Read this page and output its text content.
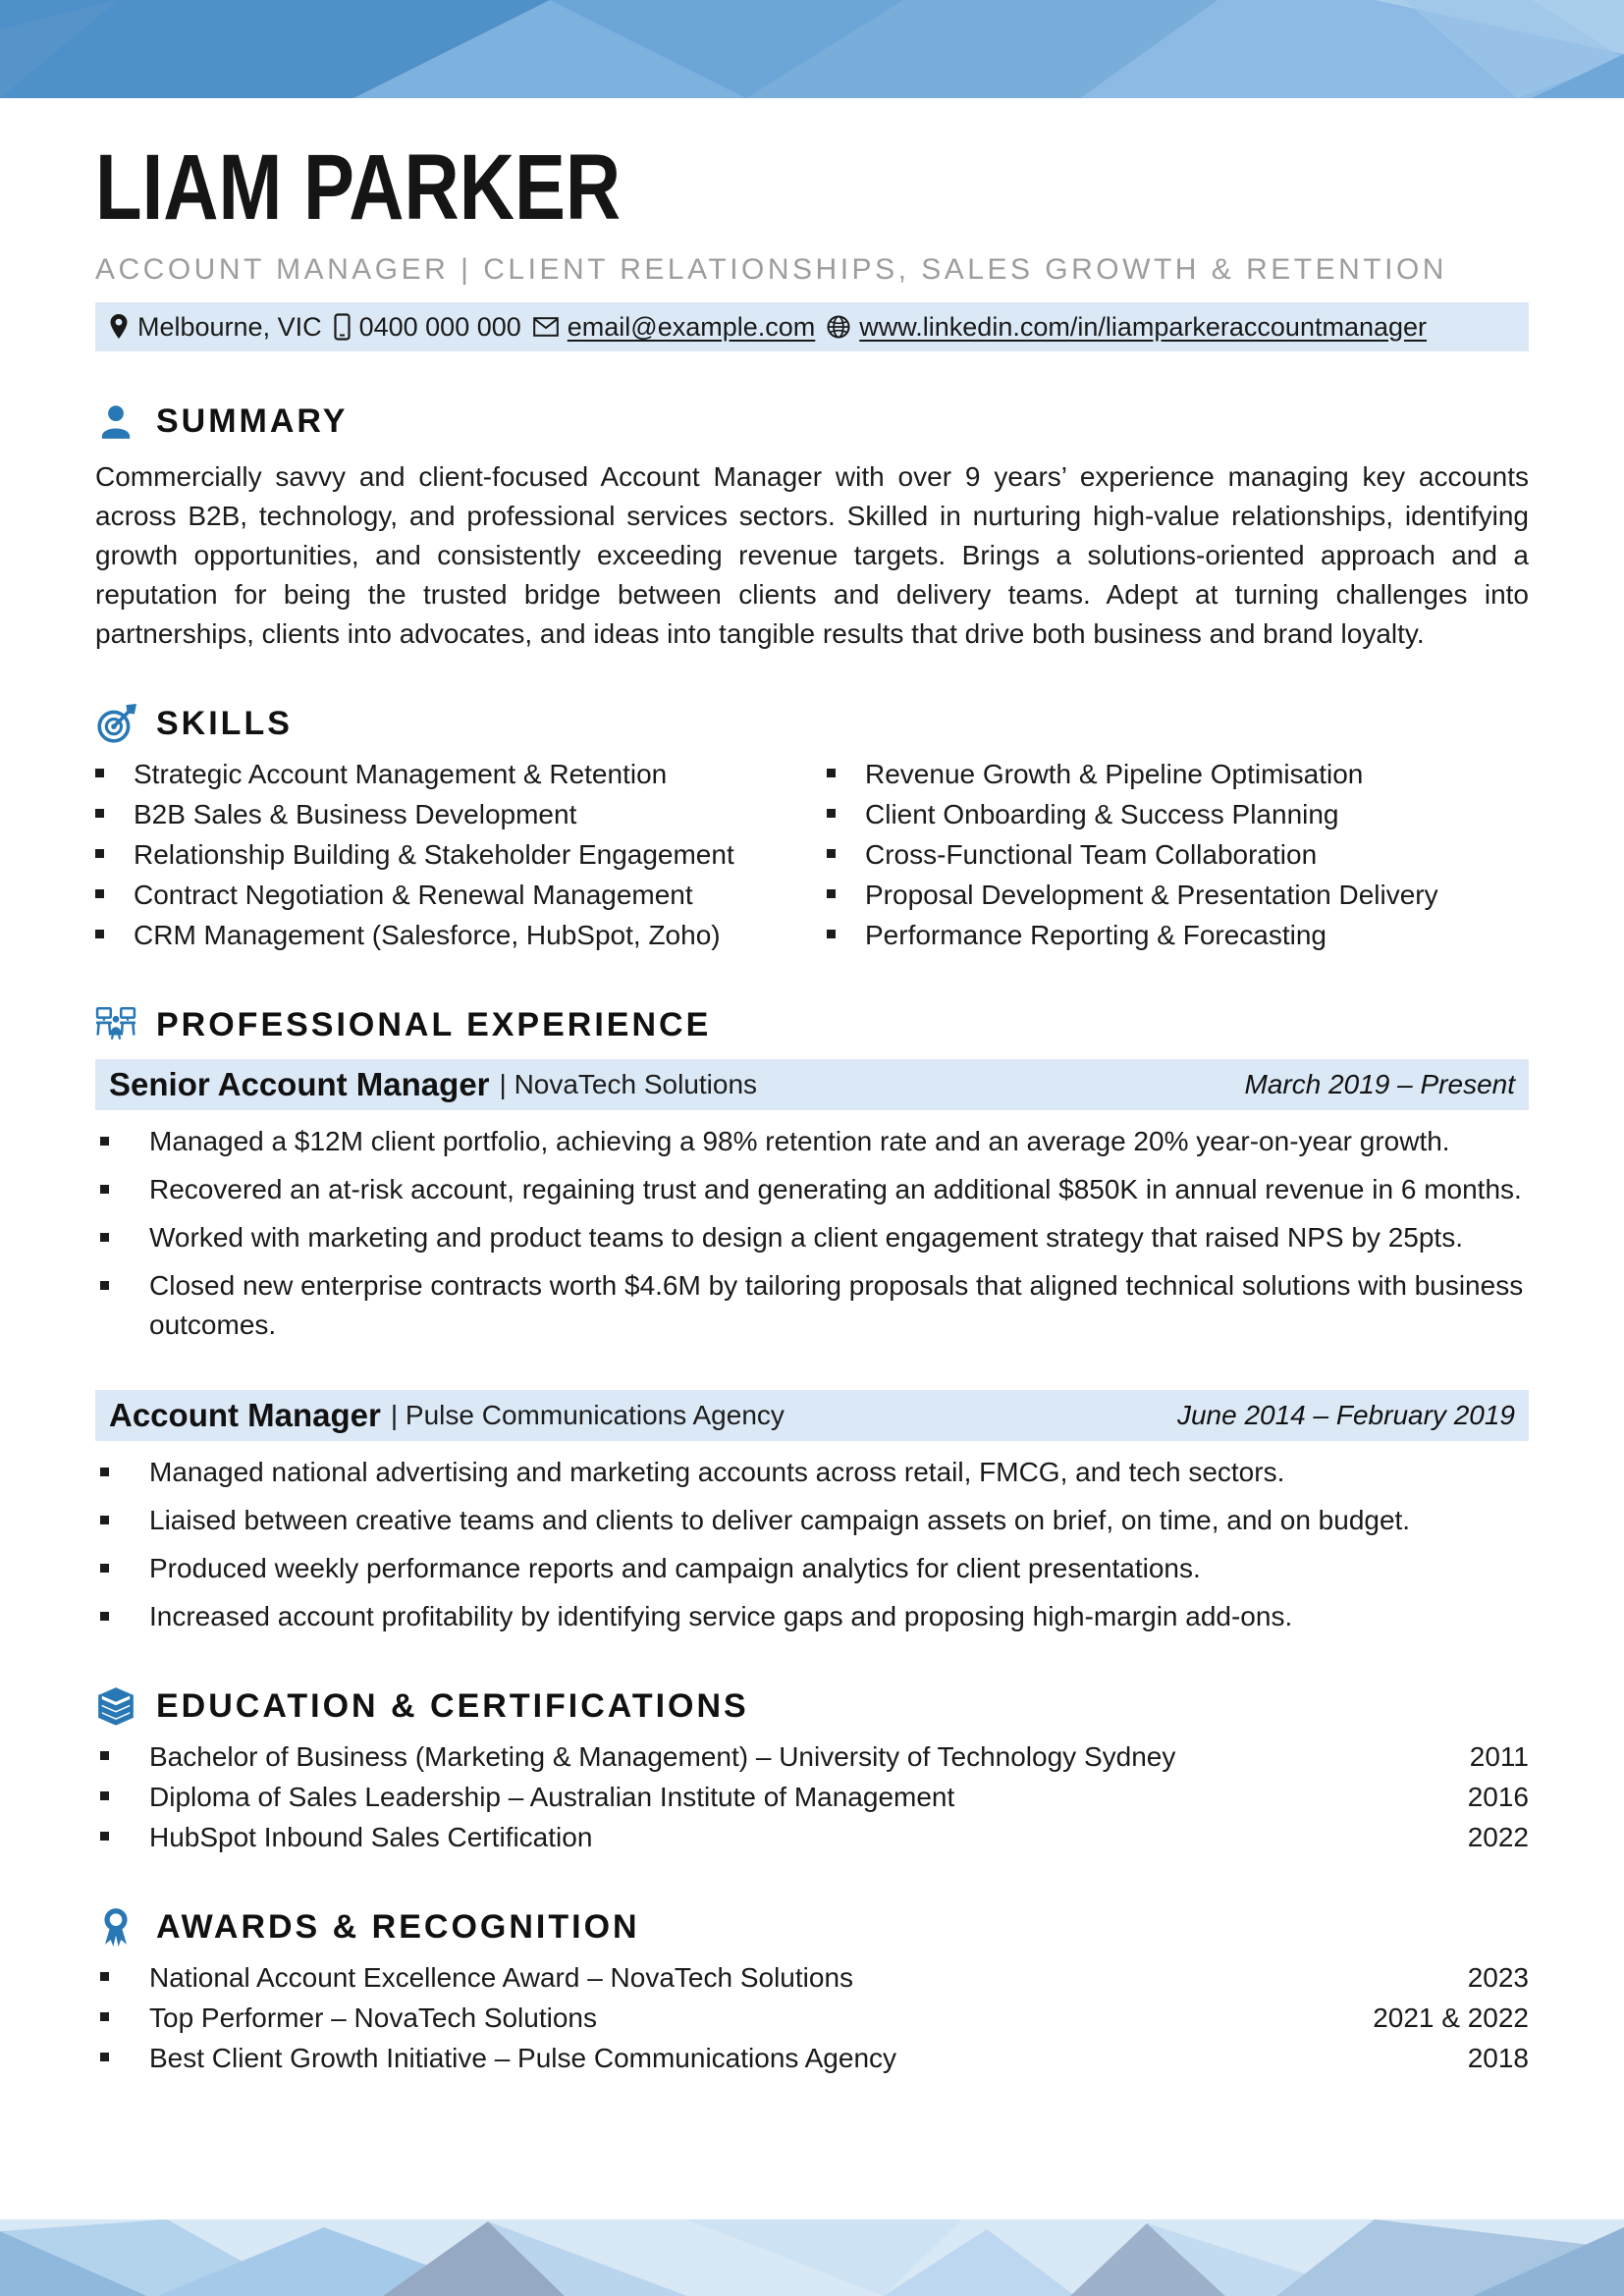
LIAM PARKER
ACCOUNT MANAGER | CLIENT RELATIONSHIPS, SALES GROWTH & RETENTION
Melbourne, VIC 0400 000 000 email@example.com www.linkedin.com/in/liamparkeraccountmanager
SUMMARY

Commercially savvy and client-focused Account Manager with over 9 years’ experience managing key accounts across B2B, technology, and professional services sectors. Skilled in nurturing high-value relationships, identifying growth opportunities, and consistently exceeding revenue targets. Brings a solutions-oriented approach and a reputation for being the trusted bridge between clients and delivery teams. Adept at turning challenges into partnerships, clients into advocates, and ideas into tangible results that drive both business and brand loyalty.

SKILLS
Strategic Account Management & Retention
B2B Sales & Business Development
Relationship Building & Stakeholder Engagement
Contract Negotiation & Renewal Management
CRM Management (Salesforce, HubSpot, Zoho)
Revenue Growth & Pipeline Optimisation
Client Onboarding & Success Planning
Cross-Functional Team Collaboration
Proposal Development & Presentation Delivery
Performance Reporting & Forecasting
PROFESSIONAL EXPERIENCE
Senior Account Manager | NovaTech Solutions	March 2019 – Present
Managed a $12M client portfolio, achieving a 98% retention rate and an average 20% year-on-year growth.
Recovered an at-risk account, regaining trust and generating an additional $850K in annual revenue in 6 months.
Worked with marketing and product teams to design a client engagement strategy that raised NPS by 25pts.
Closed new enterprise contracts worth $4.6M by tailoring proposals that aligned technical solutions with business outcomes.
Account Manager | Pulse Communications Agency	June 2014 – February 2019
Managed national advertising and marketing accounts across retail, FMCG, and tech sectors.
Liaised between creative teams and clients to deliver campaign assets on brief, on time, and on budget.
Produced weekly performance reports and campaign analytics for client presentations.
Increased account profitability by identifying service gaps and proposing high-margin add-ons.
EDUCATION & CERTIFICATIONS
Bachelor of Business (Marketing & Management) – University of Technology Sydney	2011
Diploma of Sales Leadership – Australian Institute of Management	2016
HubSpot Inbound Sales Certification	2022
AWARDS & RECOGNITION
National Account Excellence Award – NovaTech Solutions	2023
Top Performer – NovaTech Solutions	2021 & 2022
Best Client Growth Initiative – Pulse Communications Agency	2018
